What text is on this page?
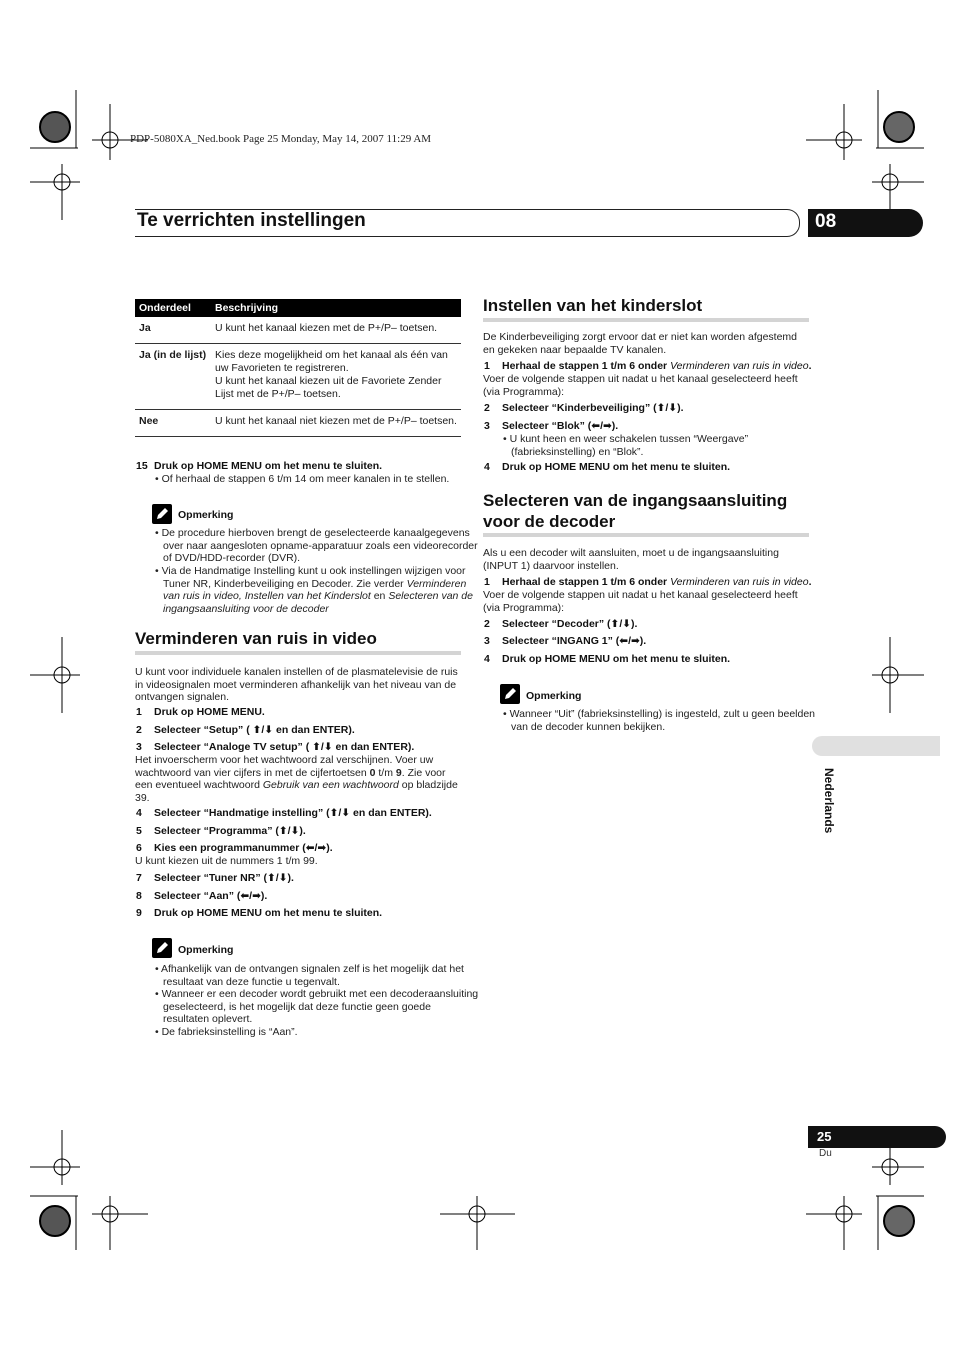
PDP-5080XA_Ned.book Page 25 Monday, May 14, 2007 11:29 AM
Te verrichten instellingen	08
Onderdeel	Beschrijving
Ja	U kunt het kanaal kiezen met de P+/P– toetsen.
Ja (in de lijst)	Kies deze mogelijkheid om het kanaal als één van uw Favorieten te registreren.
U kunt het kanaal kiezen uit de Favoriete Zender Lijst met de P+/P– toetsen.

Nee	U kunt het kanaal niet kiezen met de P+/P– toetsen.
15 Druk op HOME MENU om het menu te sluiten.
• Of herhaal de stappen 6 t/m 14 om meer kanalen in te stellen.
Opmerking
• De procedure hierboven brengt de geselecteerde kanaalgegevens over naar aangesloten opname-apparatuur zoals een videorecorder of DVD/HDD-recorder (DVR).
• Via de Handmatige Instelling kunt u ook instellingen wijzigen voor Tuner NR, Kinderbeveiliging en Decoder. Zie verder Verminderen van ruis in video, Instellen van het Kinderslot en Selecteren van de ingangsaansluiting voor de decoder
Verminderen van ruis in video
U kunt voor individuele kanalen instellen of de plasmatelevisie de ruis in videosignalen moet verminderen afhankelijk van het niveau van de ontvangen signalen.
1 Druk op HOME MENU.
2 Selecteer “Setup” ( ⬆/⬇ en dan ENTER).
3 Selecteer “Analoge TV setup” ( ⬆/⬇ en dan ENTER).
Het invoerscherm voor het wachtwoord zal verschijnen. Voer uw wachtwoord van vier cijfers in met de cijfertoetsen 0 t/m 9. Zie voor een eventueel wachtwoord Gebruik van een wachtwoord op bladzijde 39.
4 Selecteer “Handmatige instelling” (⬆/⬇ en dan ENTER).
5 Selecteer “Programma” (⬆/⬇).
6 Kies een programmanummer (⬅/➡).
U kunt kiezen uit de nummers 1 t/m 99.
7 Selecteer “Tuner NR” (⬆/⬇).
8 Selecteer “Aan” (⬅/➡).
9 Druk op HOME MENU om het menu te sluiten.
Opmerking
• Afhankelijk van de ontvangen signalen zelf is het mogelijk dat het resultaat van deze functie u tegenvalt.
• Wanneer er een decoder wordt gebruikt met een decoderaansluiting geselecteerd, is het mogelijk dat deze functie geen goede resultaten oplevert.
• De fabrieksinstelling is “Aan”.
Instellen van het kinderslot
De Kinderbeveiliging zorgt ervoor dat er niet kan worden afgestemd en gekeken naar bepaalde TV kanalen.
1 Herhaal de stappen 1 t/m 6 onder Verminderen van ruis in video.
Voer de volgende stappen uit nadat u het kanaal geselecteerd heeft (via Programma):
2 Selecteer “Kinderbeveiliging” (⬆/⬇).
3 Selecteer “Blok” (⬅/➡).
• U kunt heen en weer schakelen tussen “Weergave” (fabrieksinstelling) en “Blok”.
4 Druk op HOME MENU om het menu te sluiten.
Selecteren van de ingangsaansluiting
voor de decoder
Als u een decoder wilt aansluiten, moet u de ingangsaansluiting (INPUT 1) daarvoor instellen.
1 Herhaal de stappen 1 t/m 6 onder Verminderen van ruis in video.
Voer de volgende stappen uit nadat u het kanaal geselecteerd heeft (via Programma):
2 Selecteer “Decoder” (⬆/⬇).
3 Selecteer “INGANG 1” (⬅/➡).
4 Druk op HOME MENU om het menu te sluiten.
Opmerking
• Wanneer “Uit” (fabrieksinstelling) is ingesteld, zult u geen beelden van de decoder kunnen bekijken.
Nederlands
25
Du
